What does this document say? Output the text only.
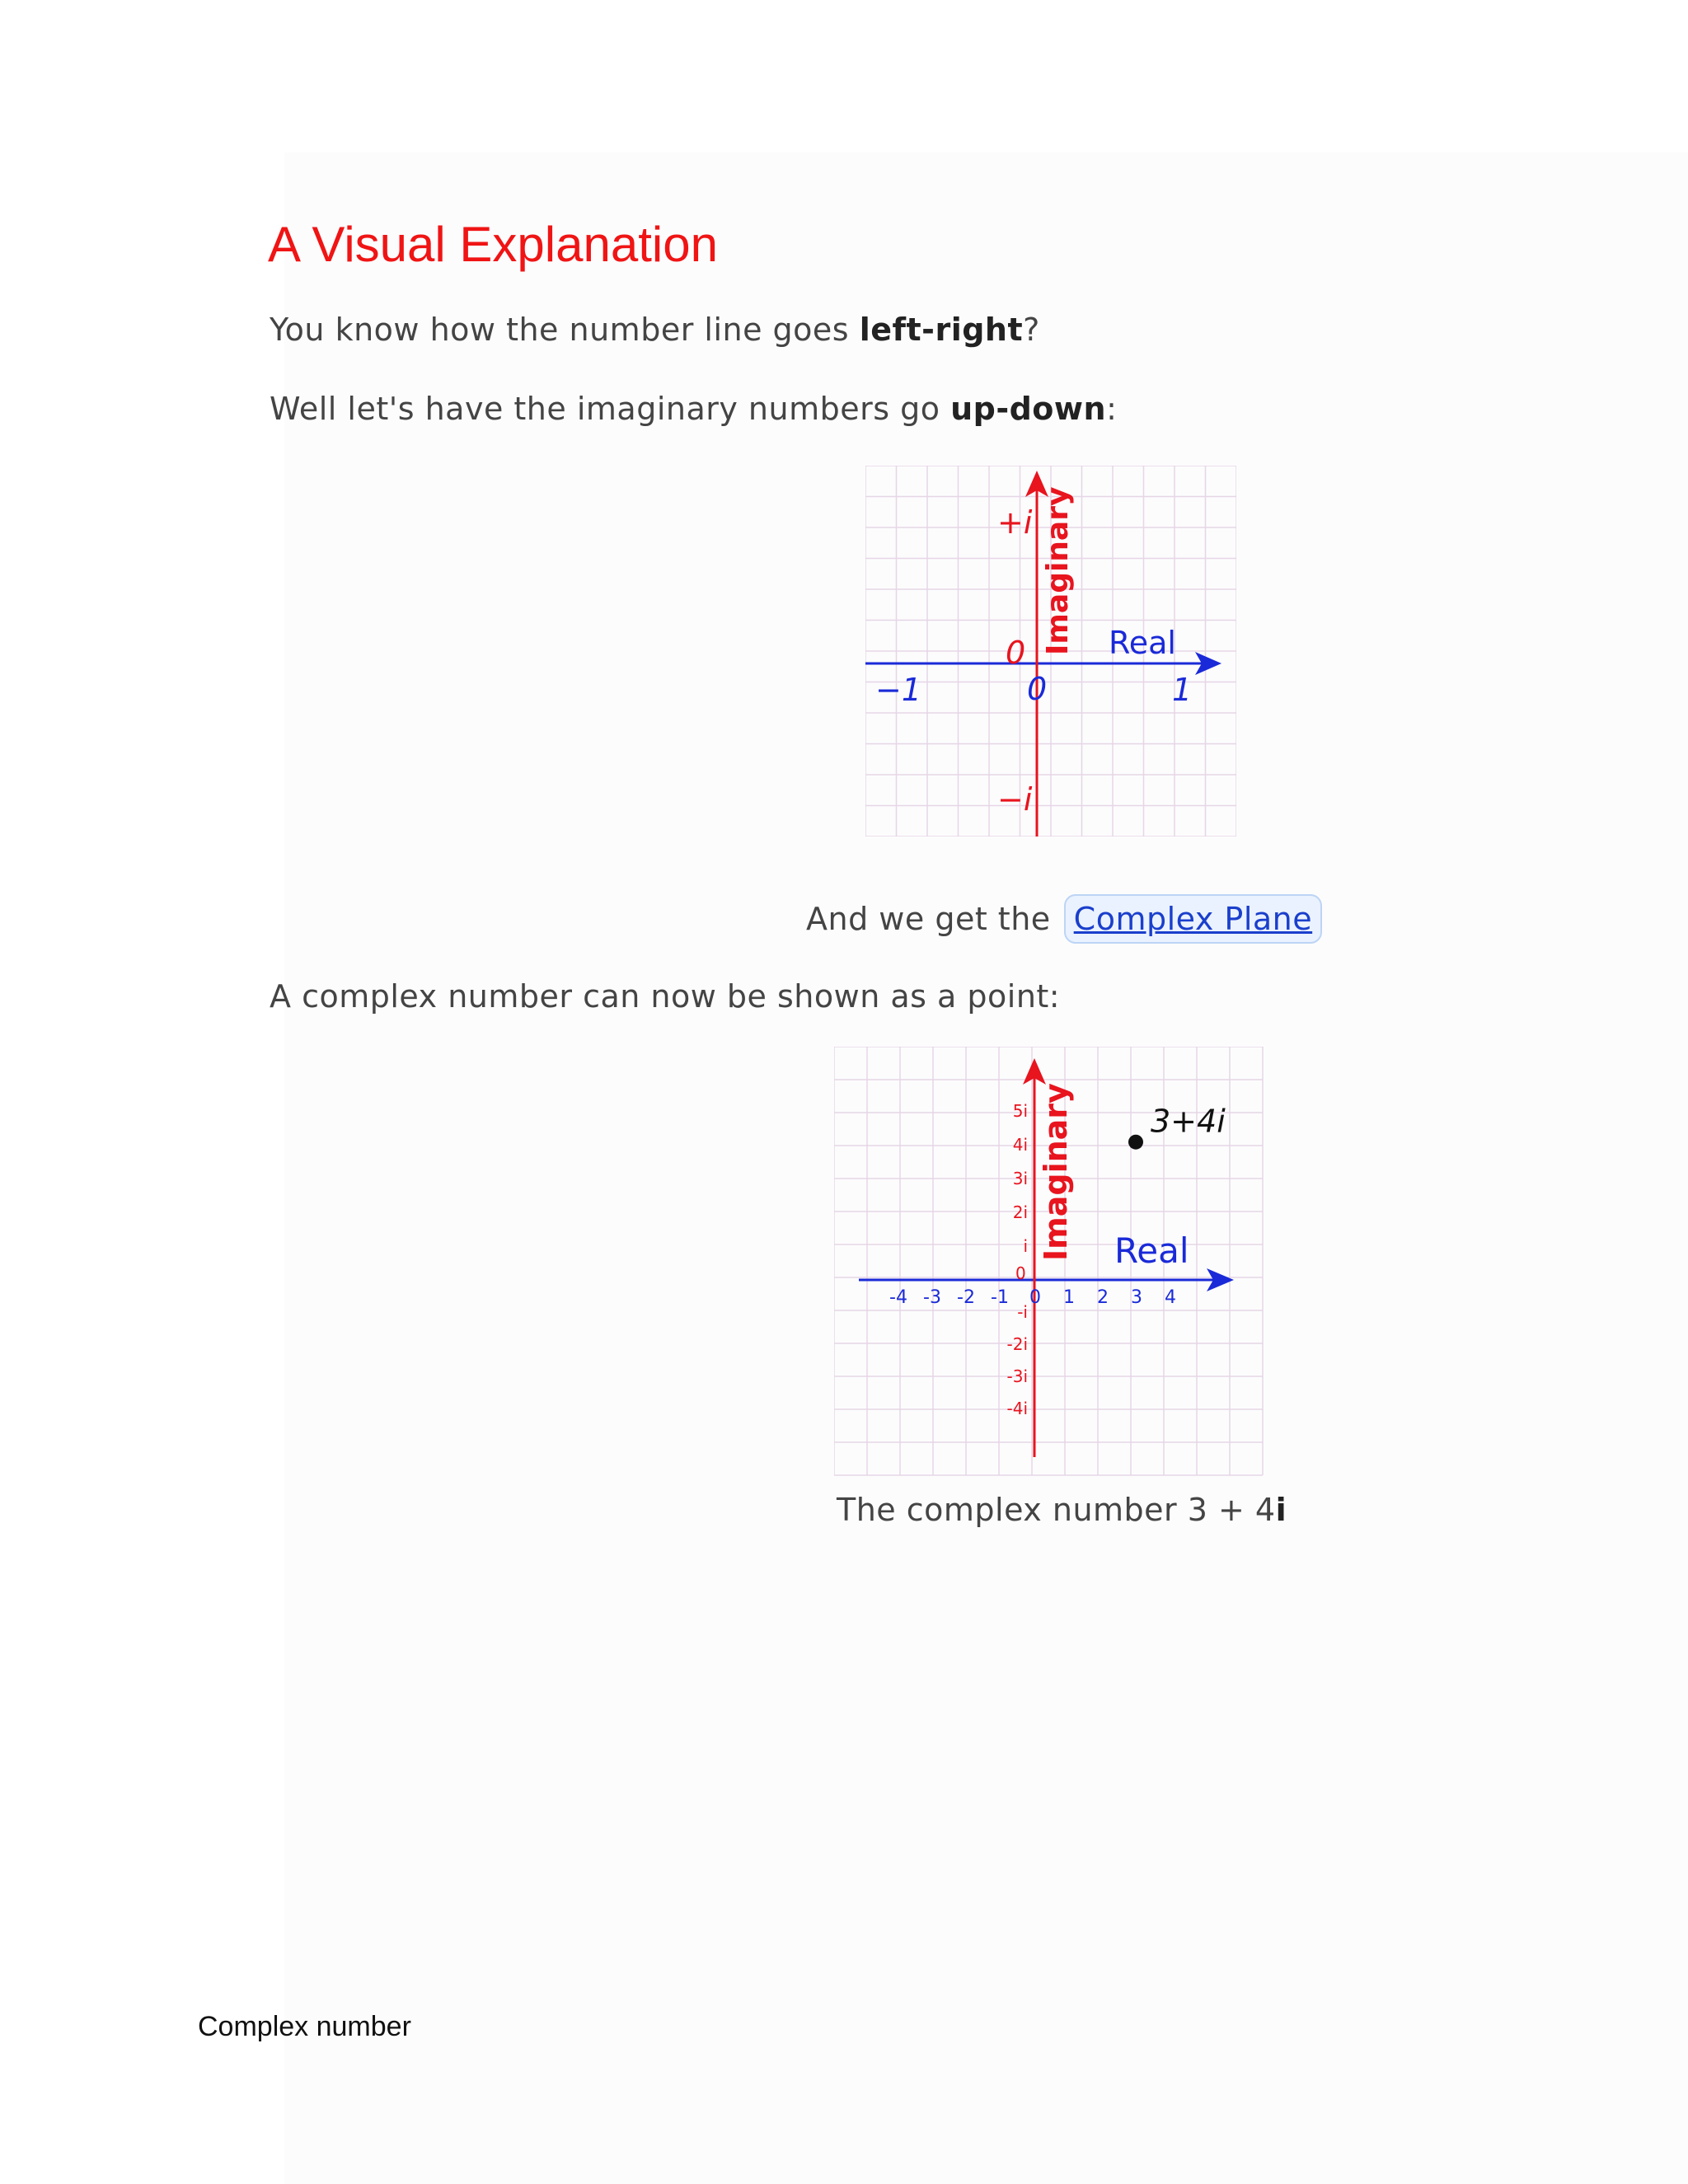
A Visual Explanation

You know how the number line goes left-right?

Well let's have the imaginary numbers go up-down:

Imaginary Real
+i
−i
−1	1
0
0
And we get the Complex Plane

A complex number can now be shown as a point:

Imaginary Real
-4 -3 -2 -1 0 1 2 3 4
5i
4i
3i
2i
i
-i
-2i
-3i
-4i
0
3+4i
The complex number 3 + 4i
Complex number
